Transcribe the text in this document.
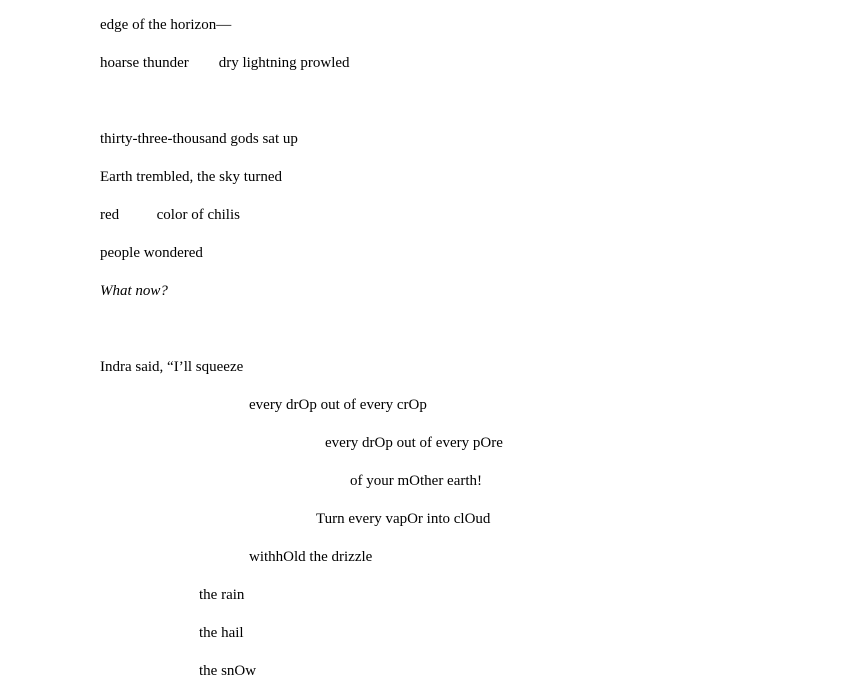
edge of the horizon—

hoarse thunder        dry lightning prowled

thirty-three-thousand gods sat up

Earth trembled, the sky turned

red          color of chilis

people wondered

What now?

Indra said, “I’ll squeeze

every drOp out of every crOp

every drOp out of every pOre

of your mOther earth!

Turn every vapOr into clOud

withhOld the drizzle

the rain

the hail

the snOw
